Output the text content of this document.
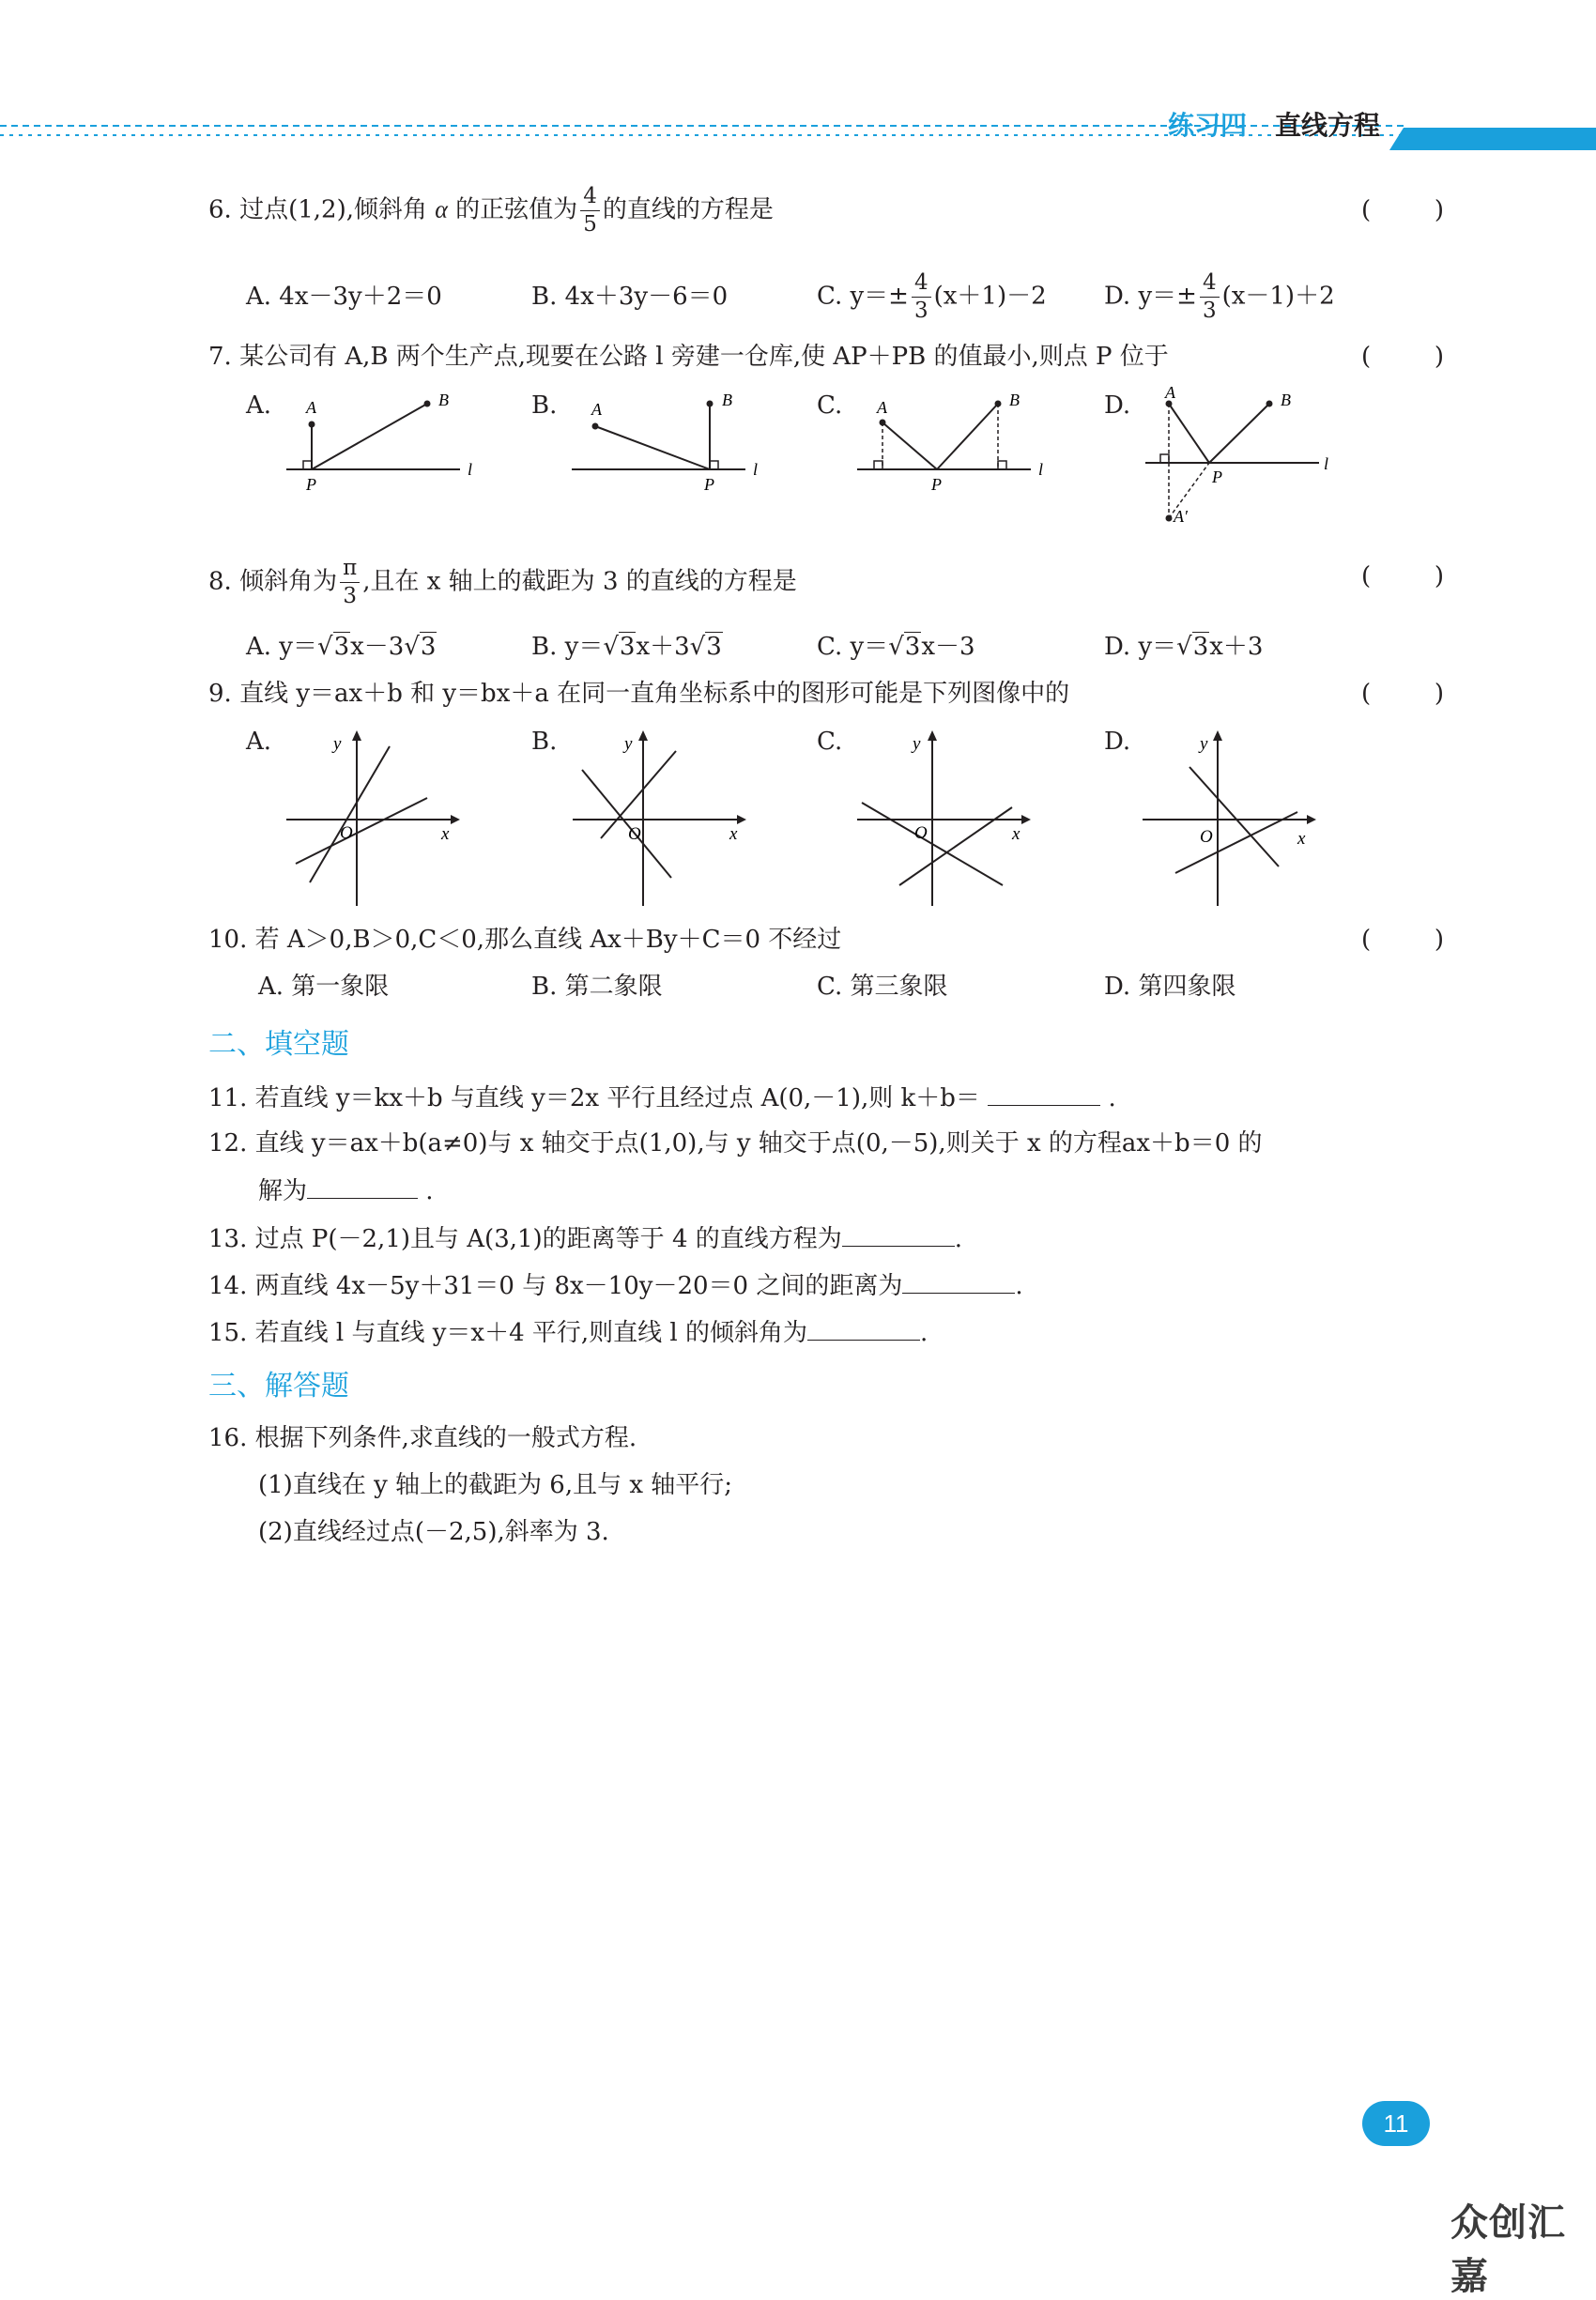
练习四 直线方程
6. 过点(1,2),倾斜角 α 的正弦值为 $\frac{4}{5}$ 的直线的方程是	(	)
A. 4x－3y＋2＝0	B. 4x＋3y－6＝0	C. $y=\pm \frac{4}{3} (x+1)-2$ D. $y=\pm \frac{4}{3} (x-1)+2$
7. 某公司有 A,B 两个生产点,现要在公路 l 旁建一仓库,使 AP＋PB 的值最小,则点 P 位于	(	)
A. A	B
P
l
B. A	B
P
l
C. A	B
P
l
D. A	B
P
l
A′
8. 倾斜角为 $\frac{\pi}{3}$ ,且在 x 轴上的截距为 3 的直线的方程是	(	)
A. y＝√3x－3√3	B. y＝√3x＋3√3	C. y＝√3x－3	D. y＝√3x＋3
9. 直线 y＝ax＋b 和 y＝bx＋a 在同一直角坐标系中的图形可能是下列图像中的	(	)
A.	y
x
O
B.	y
x
O
C.	y
x
O
D.	y
x
O
10. 若 A＞0,B＞0,C＜0,那么直线 Ax＋By＋C＝0 不经过	(	)
A. 第一象限	B. 第二象限	C. 第三象限	D. 第四象限
二、填空题
11. 若直线 y＝kx＋b 与直线 y＝2x 平行且经过点 A(0,－1),则 k＋b＝	.
12. 直线 y＝ax＋b(a≠0)与 x 轴交于点(1,0),与 y 轴交于点(0,－5),则关于 x 的方程ax＋b＝0 的
解为	.
13. 过点 P(－2,1)且与 A(3,1)的距离等于 4 的直线方程为	.
14. 两直线 4x－5y＋31＝0 与 8x－10y－20＝0 之间的距离为	.
15. 若直线 l 与直线 y＝x＋4 平行,则直线 l 的倾斜角为	.
三、解答题
16. 根据下列条件,求直线的一般式方程.
(1)直线在 y 轴上的截距为 6,且与 x 轴平行;
(2)直线经过点(－2,5),斜率为 3.
11
众创汇嘉
